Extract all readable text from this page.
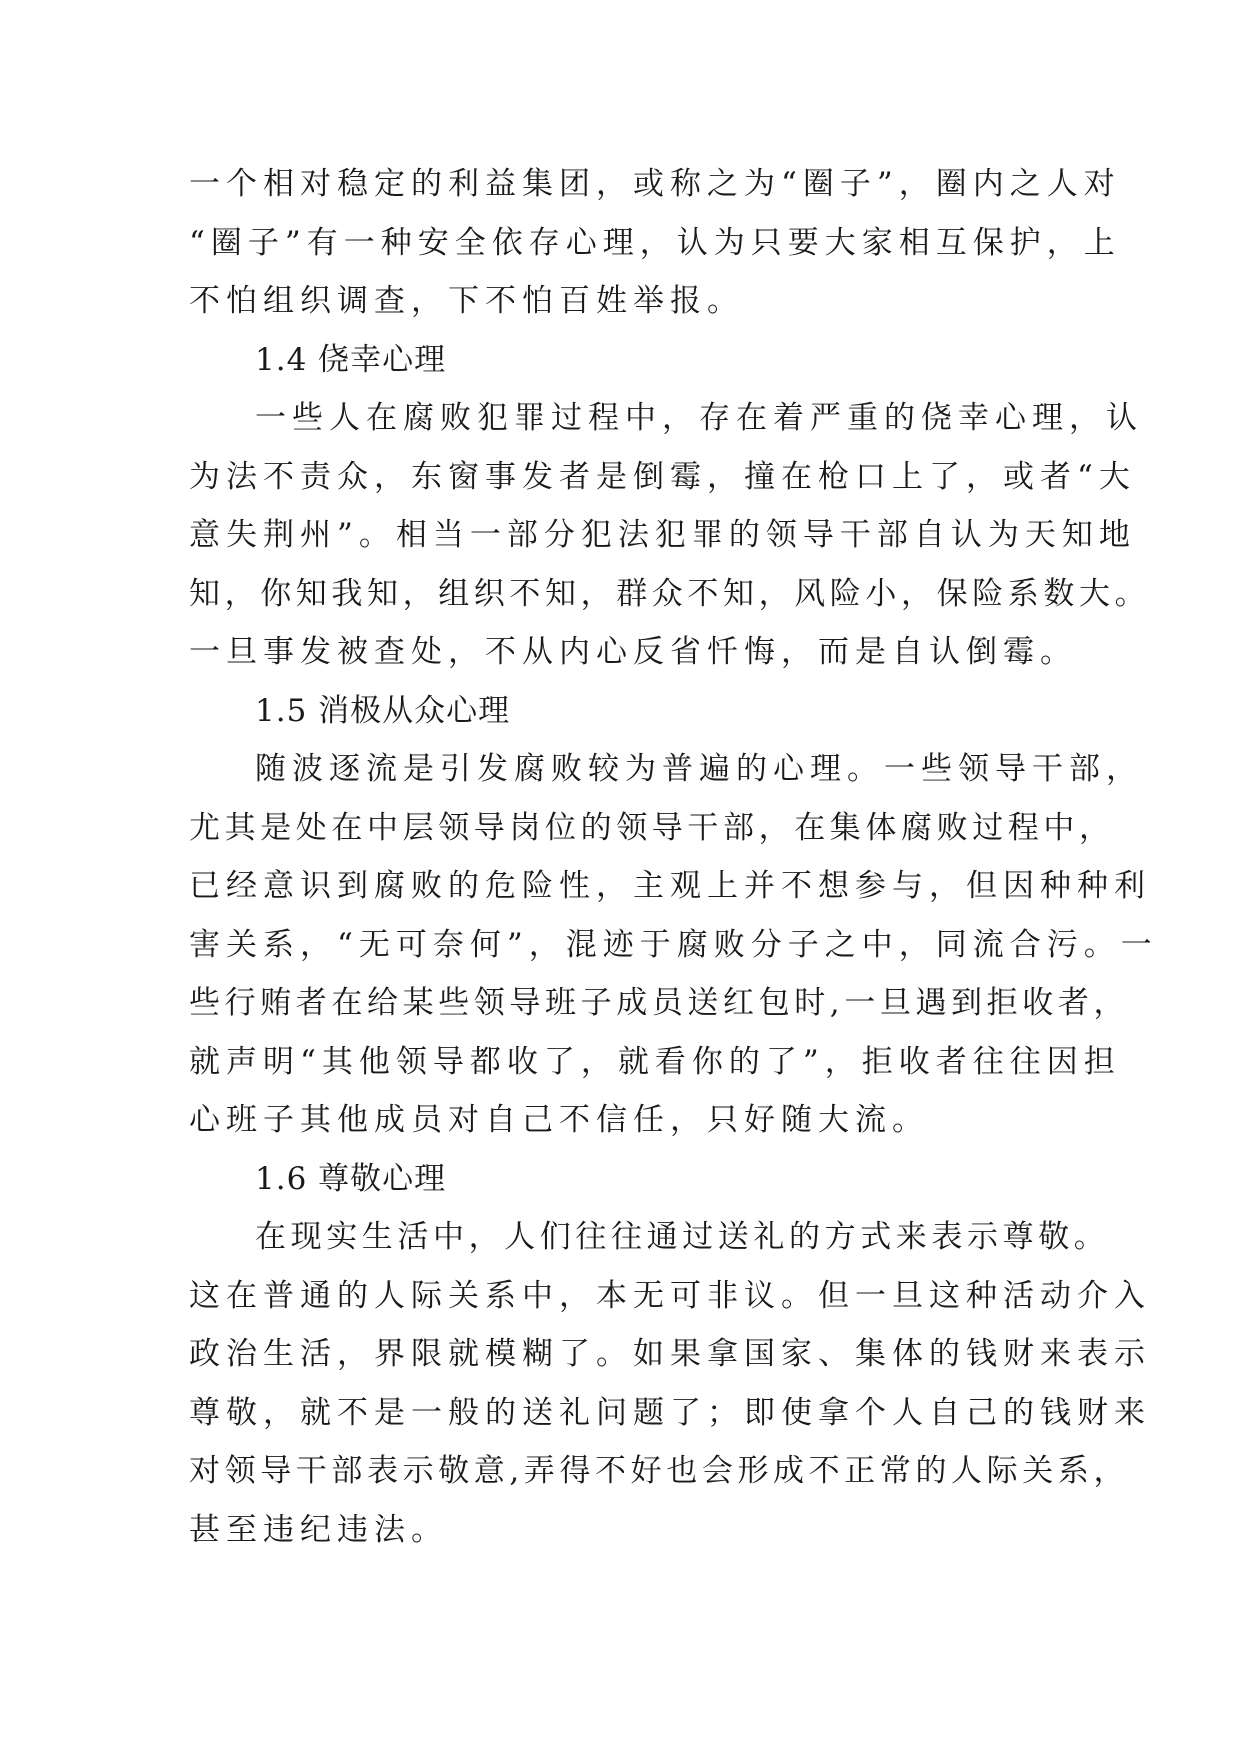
一个相对稳定的利益集团，或称之为“圈子”，圈内之人对
“圈子”有一种安全依存心理，认为只要大家相互保护，上
不怕组织调查，下不怕百姓举报。
1.4 侥幸心理
一些人在腐败犯罪过程中，存在着严重的侥幸心理，认
为法不责众，东窗事发者是倒霉，撞在枪口上了，或者“大
意失荆州”。相当一部分犯法犯罪的领导干部自认为天知地
知，你知我知，组织不知，群众不知，风险小，保险系数大。
一旦事发被查处，不从内心反省忏悔，而是自认倒霉。
1.5 消极从众心理
随波逐流是引发腐败较为普遍的心理。一些领导干部，
尤其是处在中层领导岗位的领导干部，在集体腐败过程中，
已经意识到腐败的危险性，主观上并不想参与，但因种种利
害关系，“无可奈何”，混迹于腐败分子之中，同流合污。一
些行贿者在给某些领导班子成员送红包时,一旦遇到拒收者，
就声明“其他领导都收了，就看你的了”，拒收者往往因担
心班子其他成员对自己不信任，只好随大流。
1.6 尊敬心理
在现实生活中，人们往往通过送礼的方式来表示尊敬。
这在普通的人际关系中，本无可非议。但一旦这种活动介入
政治生活，界限就模糊了。如果拿国家、集体的钱财来表示
尊敬，就不是一般的送礼问题了；即使拿个人自己的钱财来
对领导干部表示敬意,弄得不好也会形成不正常的人际关系，
甚至违纪违法。
